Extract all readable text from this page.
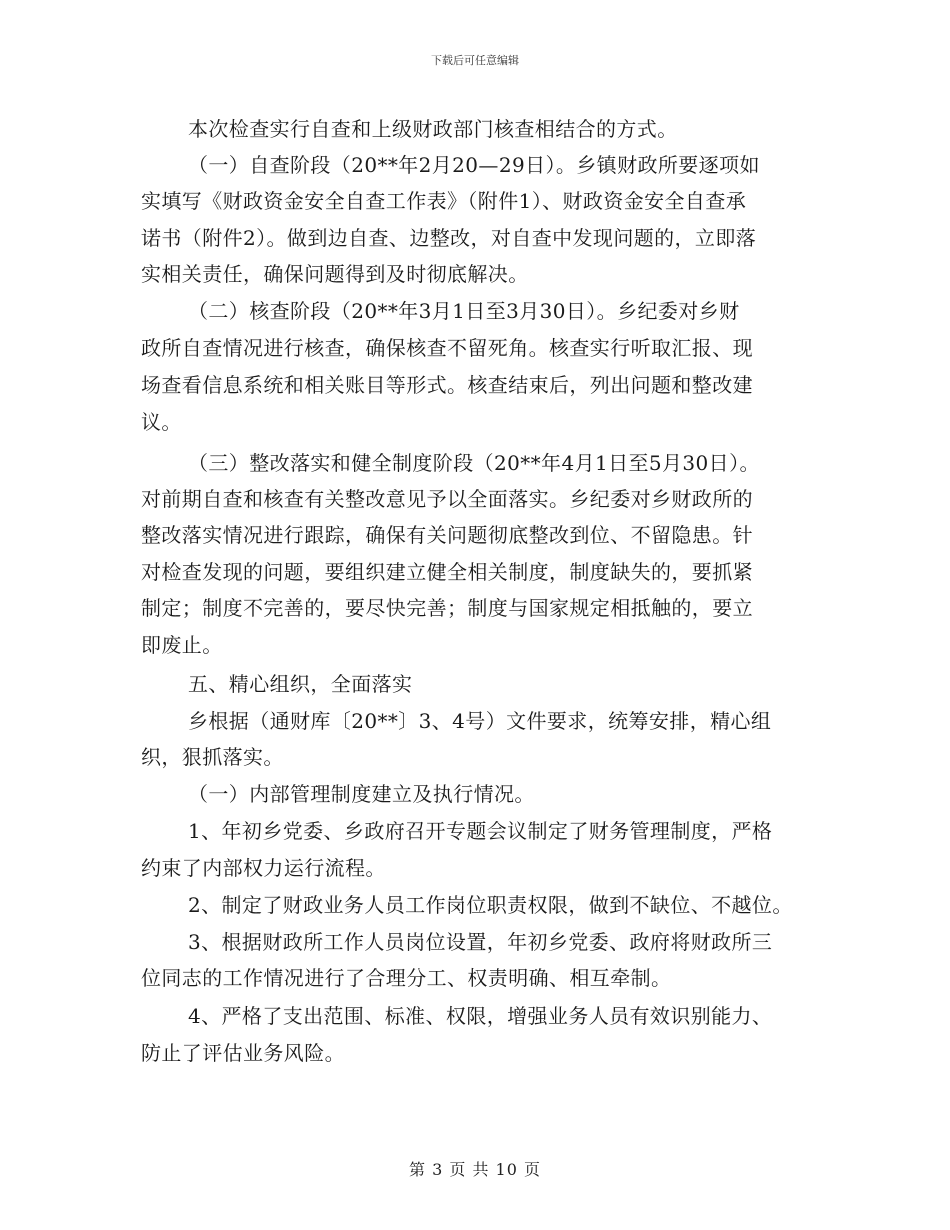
下载后可任意编辑
本次检查实行自查和上级财政部门核查相结合的方式。
（一）自查阶段（20**年2月20—29日）。乡镇财政所要逐项如
实填写《财政资金安全自查工作表》（附件1）、财政资金安全自查承
诺书（附件2）。做到边自查、边整改，对自查中发现问题的，立即落
实相关责任，确保问题得到及时彻底解决。
（二）核查阶段（20**年3月1日至3月30日）。乡纪委对乡财
政所自查情况进行核查，确保核查不留死角。核查实行听取汇报、现
场查看信息系统和相关账目等形式。核查结束后，列出问题和整改建
议。
（三）整改落实和健全制度阶段（20**年4月1日至5月30日）。
对前期自查和核查有关整改意见予以全面落实。乡纪委对乡财政所的
整改落实情况进行跟踪，确保有关问题彻底整改到位、不留隐患。针
对检查发现的问题，要组织建立健全相关制度，制度缺失的，要抓紧
制定；制度不完善的，要尽快完善；制度与国家规定相抵触的，要立
即废止。
五、精心组织，全面落实
乡根据（通财库〔20**〕3、4号）文件要求，统筹安排，精心组
织，狠抓落实。
（一）内部管理制度建立及执行情况。
1、年初乡党委、乡政府召开专题会议制定了财务管理制度，严格
约束了内部权力运行流程。
2、制定了财政业务人员工作岗位职责权限，做到不缺位、不越位。
3、根据财政所工作人员岗位设置，年初乡党委、政府将财政所三
位同志的工作情况进行了合理分工、权责明确、相互牵制。
4、严格了支出范围、标准、权限，增强业务人员有效识别能力、
防止了评估业务风险。
第 3 页 共 10 页
